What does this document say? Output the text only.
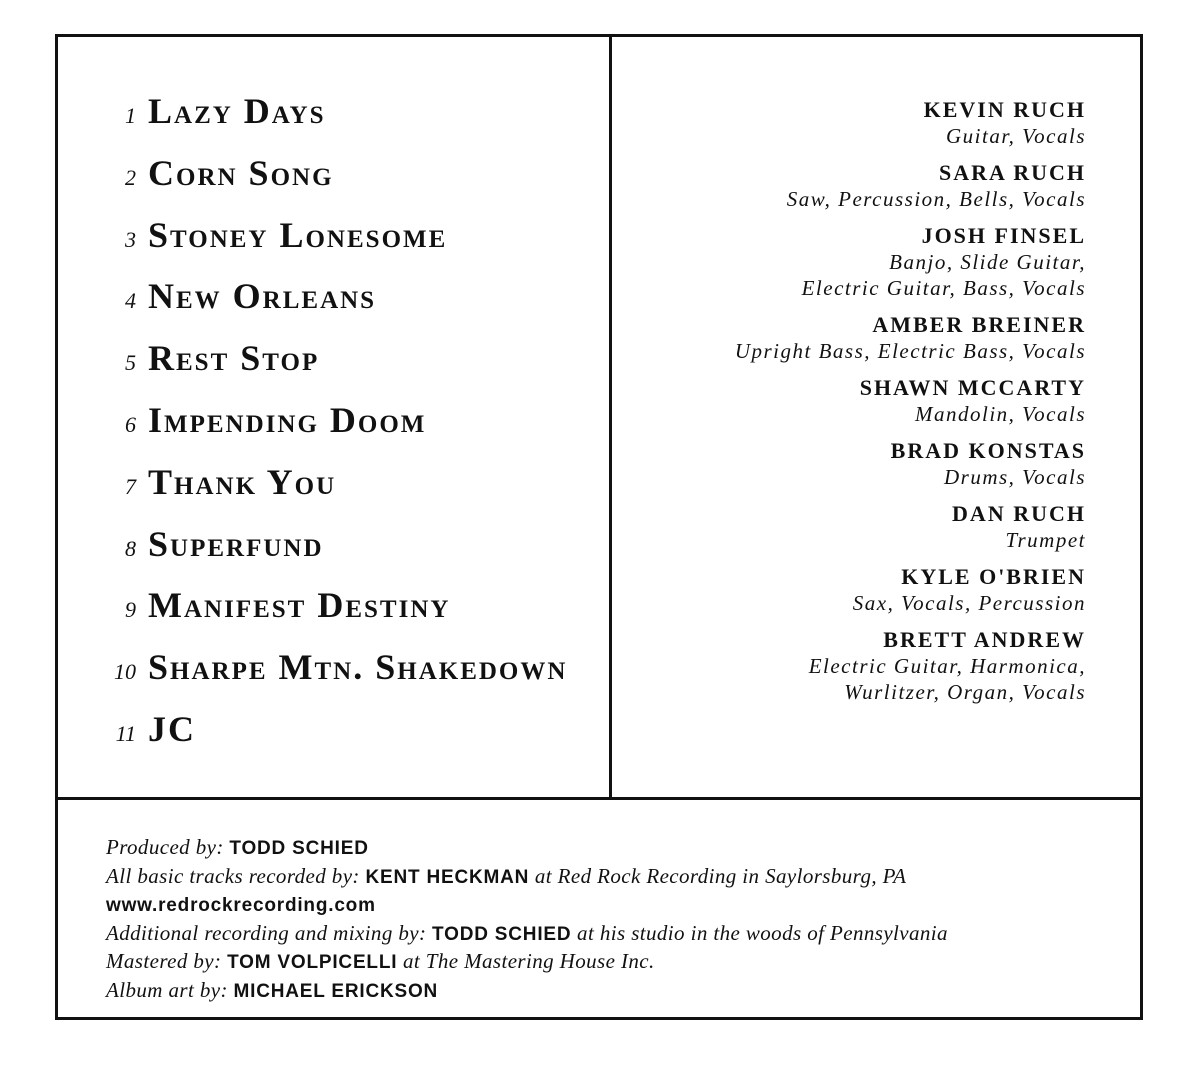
1 Lazy Days
2 Corn Song
3 Stoney Lonesome
4 New Orleans
5 Rest Stop
6 Impending Doom
7 Thank You
8 Superfund
9 Manifest Destiny
10 Sharpe Mtn. Shakedown
11 JC
KEVIN RUCH
Guitar, Vocals
SARA RUCH
Saw, Percussion, Bells, Vocals
JOSH FINSEL
Banjo, Slide Guitar,
Electric Guitar, Bass, Vocals
AMBER BREINER
Upright Bass, Electric Bass, Vocals
SHAWN MCCARTY
Mandolin, Vocals
BRAD KONSTAS
Drums, Vocals
DAN RUCH
Trumpet
KYLE O'BRIEN
Sax, Vocals, Percussion
BRETT ANDREW
Electric Guitar, Harmonica,
Wurlitzer, Organ, Vocals
Produced by: TODD SCHIED
All basic tracks recorded by: KENT HECKMAN at Red Rock Recording in Saylorsburg, PA
www.redrockrecording.com
Additional recording and mixing by: TODD SCHIED at his studio in the woods of Pennsylvania
Mastered by: TOM VOLPICELLI at The Mastering House Inc.
Album art by: MICHAEL ERICKSON
